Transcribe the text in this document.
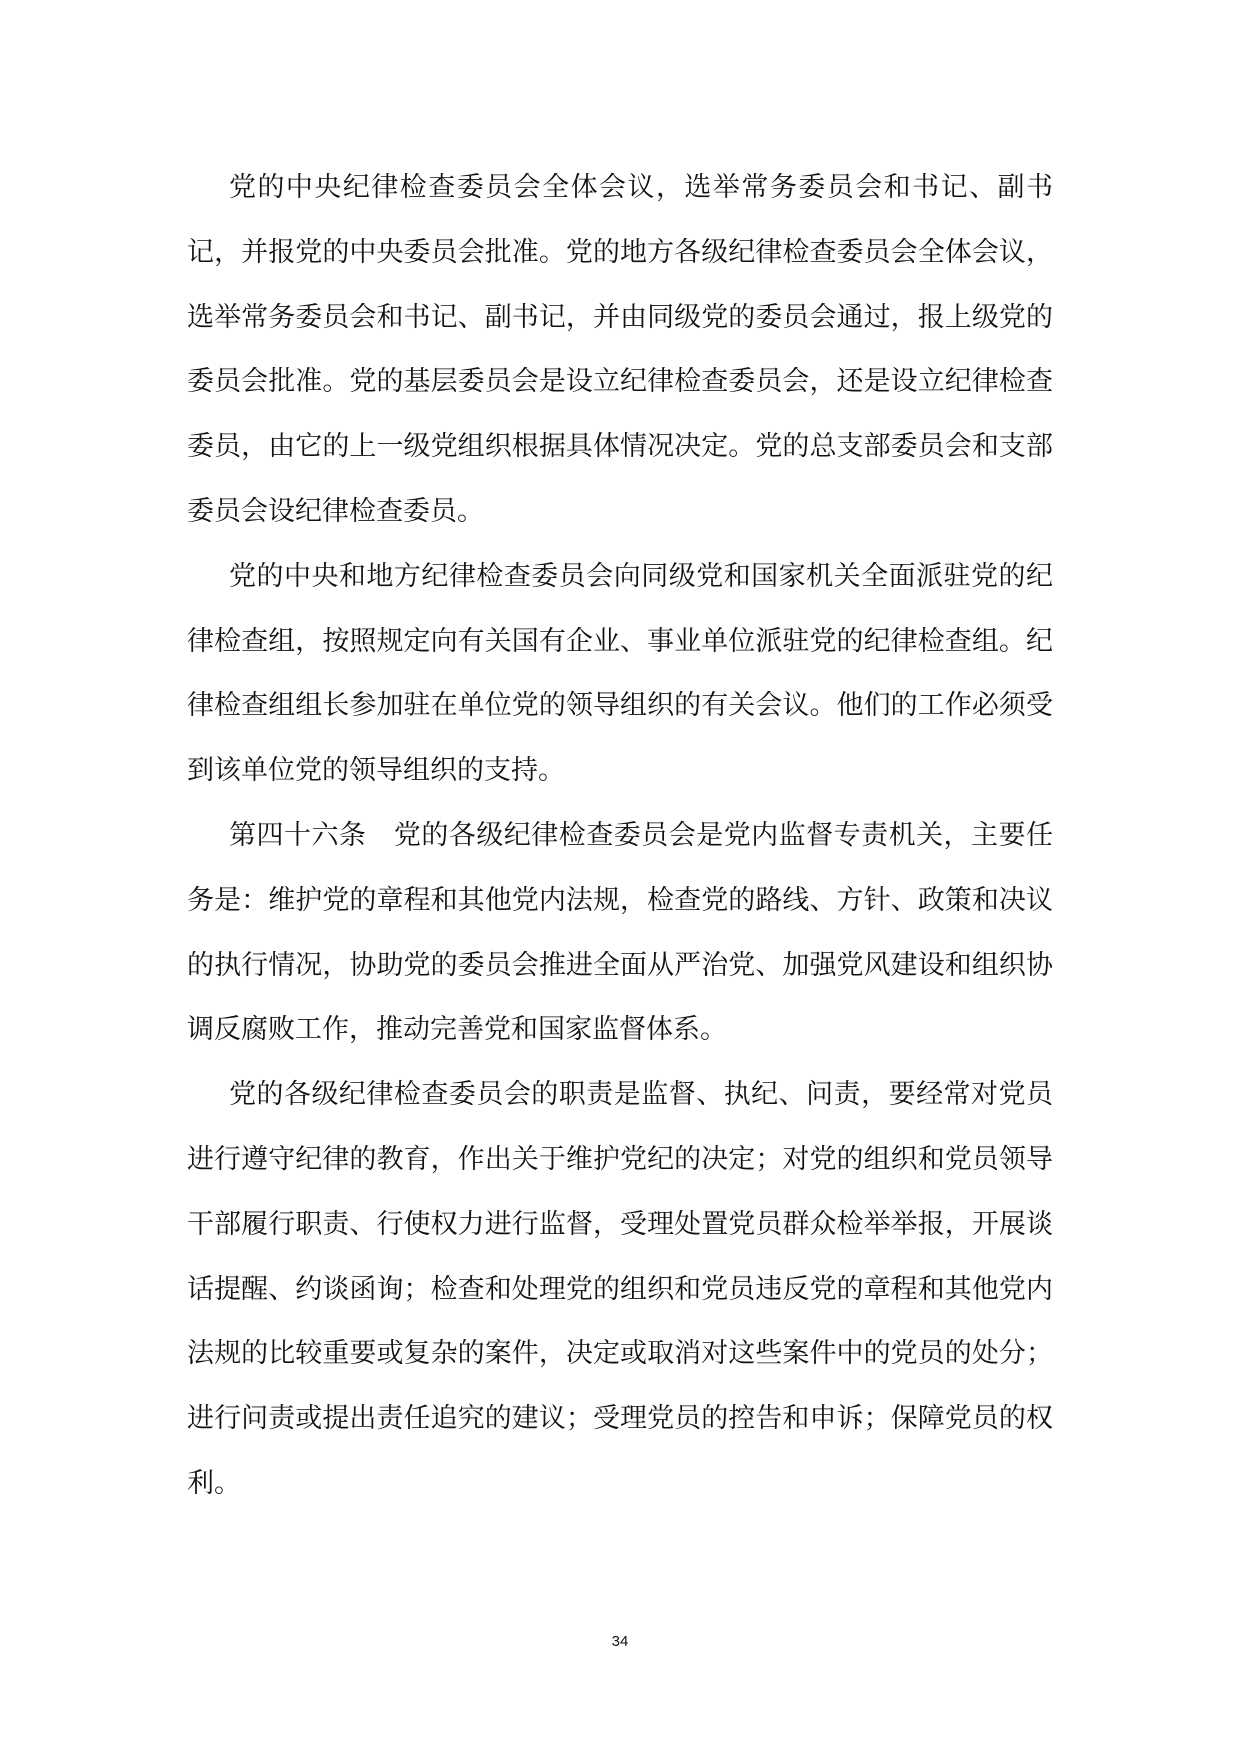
党的中央纪律检查委员会全体会议，选举常务委员会和书记、副书记，并报党的中央委员会批准。党的地方各级纪律检查委员会全体会议，选举常务委员会和书记、副书记，并由同级党的委员会通过，报上级党的委员会批准。党的基层委员会是设立纪律检查委员会，还是设立纪律检查委员，由它的上一级党组织根据具体情况决定。党的总支部委员会和支部委员会设纪律检查委员。

党的中央和地方纪律检查委员会向同级党和国家机关全面派驻党的纪律检查组，按照规定向有关国有企业、事业单位派驻党的纪律检查组。纪律检查组组长参加驻在单位党的领导组织的有关会议。他们的工作必须受到该单位党的领导组织的支持。

第四十六条　党的各级纪律检查委员会是党内监督专责机关，主要任务是：维护党的章程和其他党内法规，检查党的路线、方针、政策和决议的执行情况，协助党的委员会推进全面从严治党、加强党风建设和组织协调反腐败工作，推动完善党和国家监督体系。

党的各级纪律检查委员会的职责是监督、执纪、问责，要经常对党员进行遵守纪律的教育，作出关于维护党纪的决定；对党的组织和党员领导干部履行职责、行使权力进行监督，受理处置党员群众检举举报，开展谈话提醒、约谈函询；检查和处理党的组织和党员违反党的章程和其他党内法规的比较重要或复杂的案件，决定或取消对这些案件中的党员的处分；进行问责或提出责任追究的建议；受理党员的控告和申诉；保障党员的权利。

34
